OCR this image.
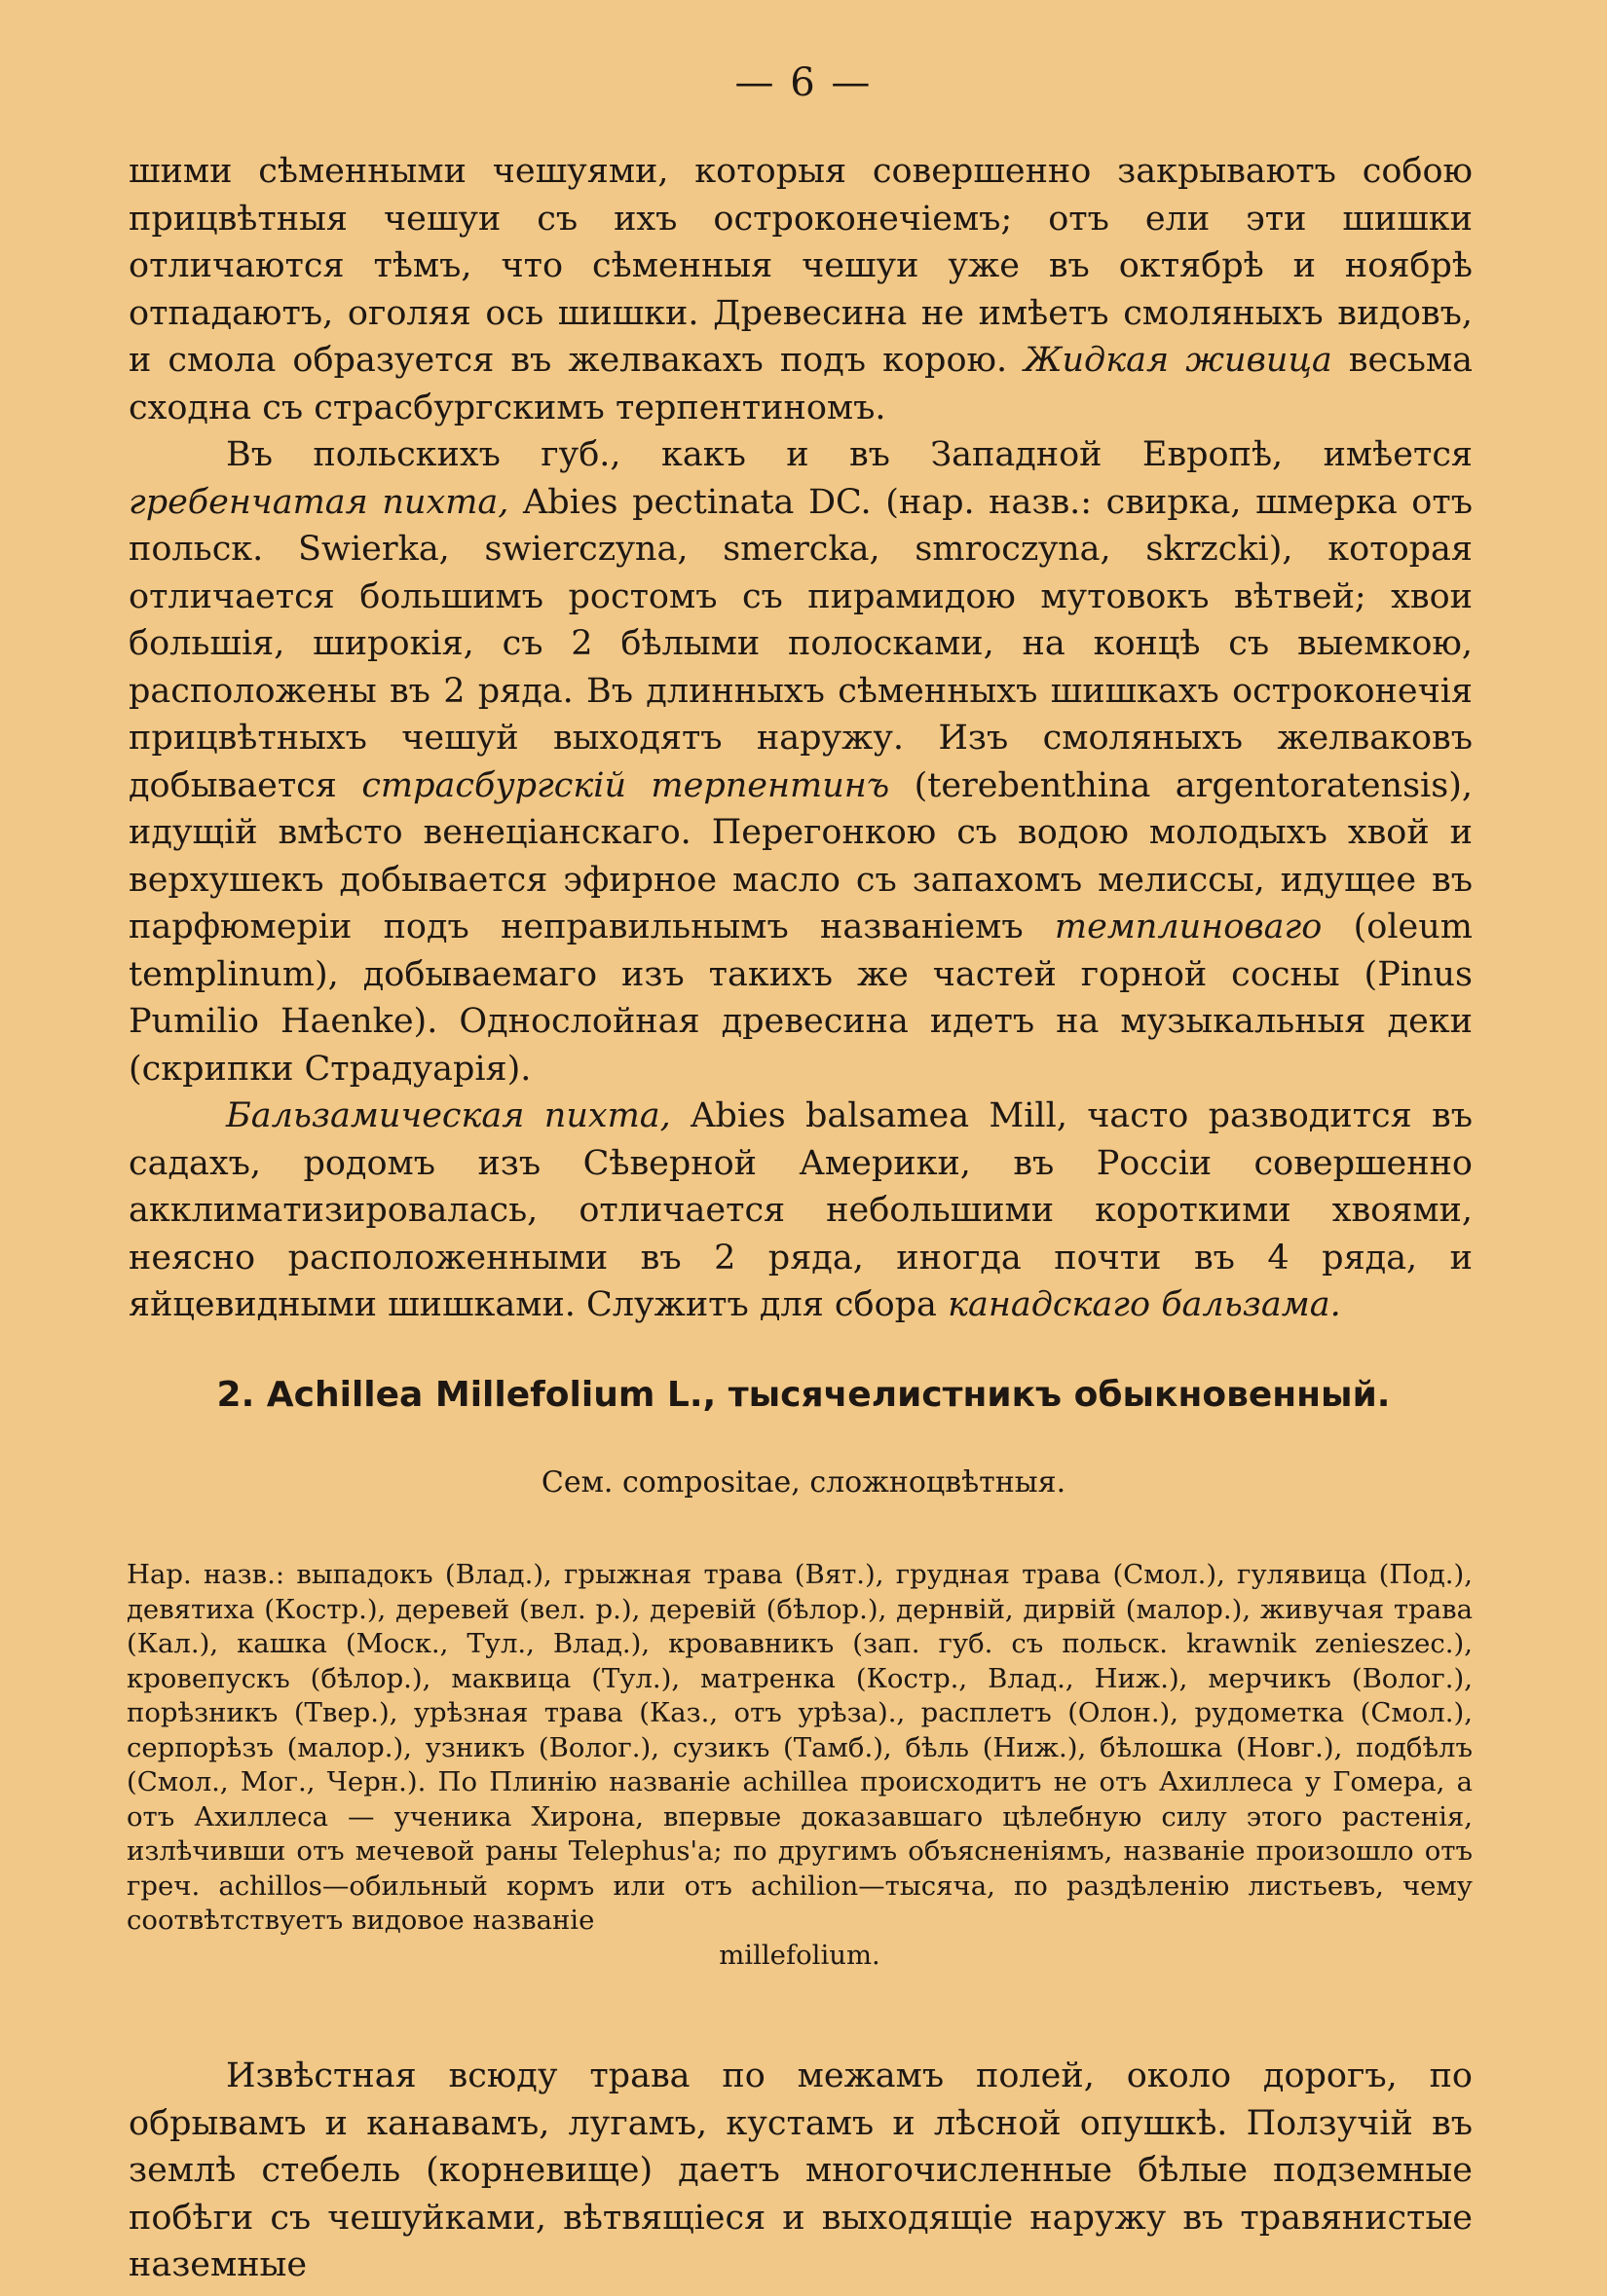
— 6 —

шими сѣменными чешуями, которыя совершенно закрываютъ собою прицвѣтныя чешуи съ ихъ остроконечіемъ; отъ ели эти шишки отличаются тѣмъ, что сѣменныя чешуи уже въ октябрѣ и ноябрѣ отпадаютъ, оголяя ось шишки. Древесина не имѣетъ смоляныхъ видовъ, и смола образуется въ желвакахъ подъ корою. Жидкая живица весьма сходна съ страсбургскимъ терпентиномъ.

Въ польскихъ губ., какъ и въ Западной Европѣ, имѣется гребенчатая пихта, Abies pectinata DC. (нар. назв.: свирка, шмерка отъ польск. Swierka, swierczyna, smercka, smroczyna, skrzcki), которая отличается большимъ ростомъ съ пирамидою мутовокъ вѣтвей; хвои большія, широкія, съ 2 бѣлыми полосками, на концѣ съ выемкою, расположены въ 2 ряда. Въ длинныхъ сѣменныхъ шишкахъ остроконечія прицвѣтныхъ чешуй выходятъ наружу. Изъ смоляныхъ желваковъ добывается страсбургскій терпентинъ (terebenthina argentoratensis), идущій вмѣсто венеціанскаго. Перегонкою съ водою молодыхъ хвой и верхушекъ добывается эфирное масло съ запахомъ мелиссы, идущее въ парфюмеріи подъ неправильнымъ названіемъ темплиноваго (oleum templinum), добываемаго изъ такихъ же частей горной сосны (Pinus Pumilio Haenke). Однослойная древесина идетъ на музыкальныя деки (скрипки Страдуарія).

Бальзамическая пихта, Abies balsamea Mill, часто разводится въ садахъ, родомъ изъ Сѣверной Америки, въ Россіи совершенно акклиматизировалась, отличается небольшими короткими хвоями, неясно расположенными въ 2 ряда, иногда почти въ 4 ряда, и яйцевидными шишками. Служитъ для сбора канадскаго бальзама.

2. Achillea Millefolium L., тысячелистникъ обыкновенный.
Сем. compositae, сложноцвѣтныя.
Нар. назв.: выпадокъ (Влад.), грыжная трава (Вят.), грудная трава (Смол.), гулявица (Под.), девятиха (Костр.), деревей (вел. р.), деревій (бѣлор.), дернвій, дирвій (малор.), живучая трава (Кал.), кашка (Моск., Тул., Влад.), кровавникъ (зап. губ. съ польск. krawnik zenieszec.), кровепускъ (бѣлор.), маквица (Тул.), матренка (Костр., Влад., Ниж.), мерчикъ (Волог.), порѣзникъ (Твер.), урѣзная трава (Каз., отъ урѣза)., расплетъ (Олон.), рудометка (Смол.), серпорѣзъ (малор.), узникъ (Волог.), сузикъ (Тамб.), бѣль (Ниж.), бѣлошка (Новг.), подбѣлъ (Смол., Мог., Черн.). По Плинію названіе achillea происходитъ не отъ Ахиллеса у Гомера, а отъ Ахиллеса — ученика Хирона, впервые доказавшаго цѣлебную силу этого растенія, излѣчивши отъ мечевой раны Telephus'a; по другимъ объясненіямъ, названіе произошло отъ греч. achillos—обильный кормъ или отъ achilion—тысяча, по раздѣленію листьевъ, чему соотвѣтствуетъ видовое названіе
millefolium.

Извѣстная всюду трава по межамъ полей, около дорогъ, по обрывамъ и канавамъ, лугамъ, кустамъ и лѣсной опушкѣ. Ползучій въ землѣ стебель (корневище) даетъ многочисленные бѣлые подземные побѣги съ чешуйками, вѣтвящіеся и выходящіе наружу въ травянистые наземные
